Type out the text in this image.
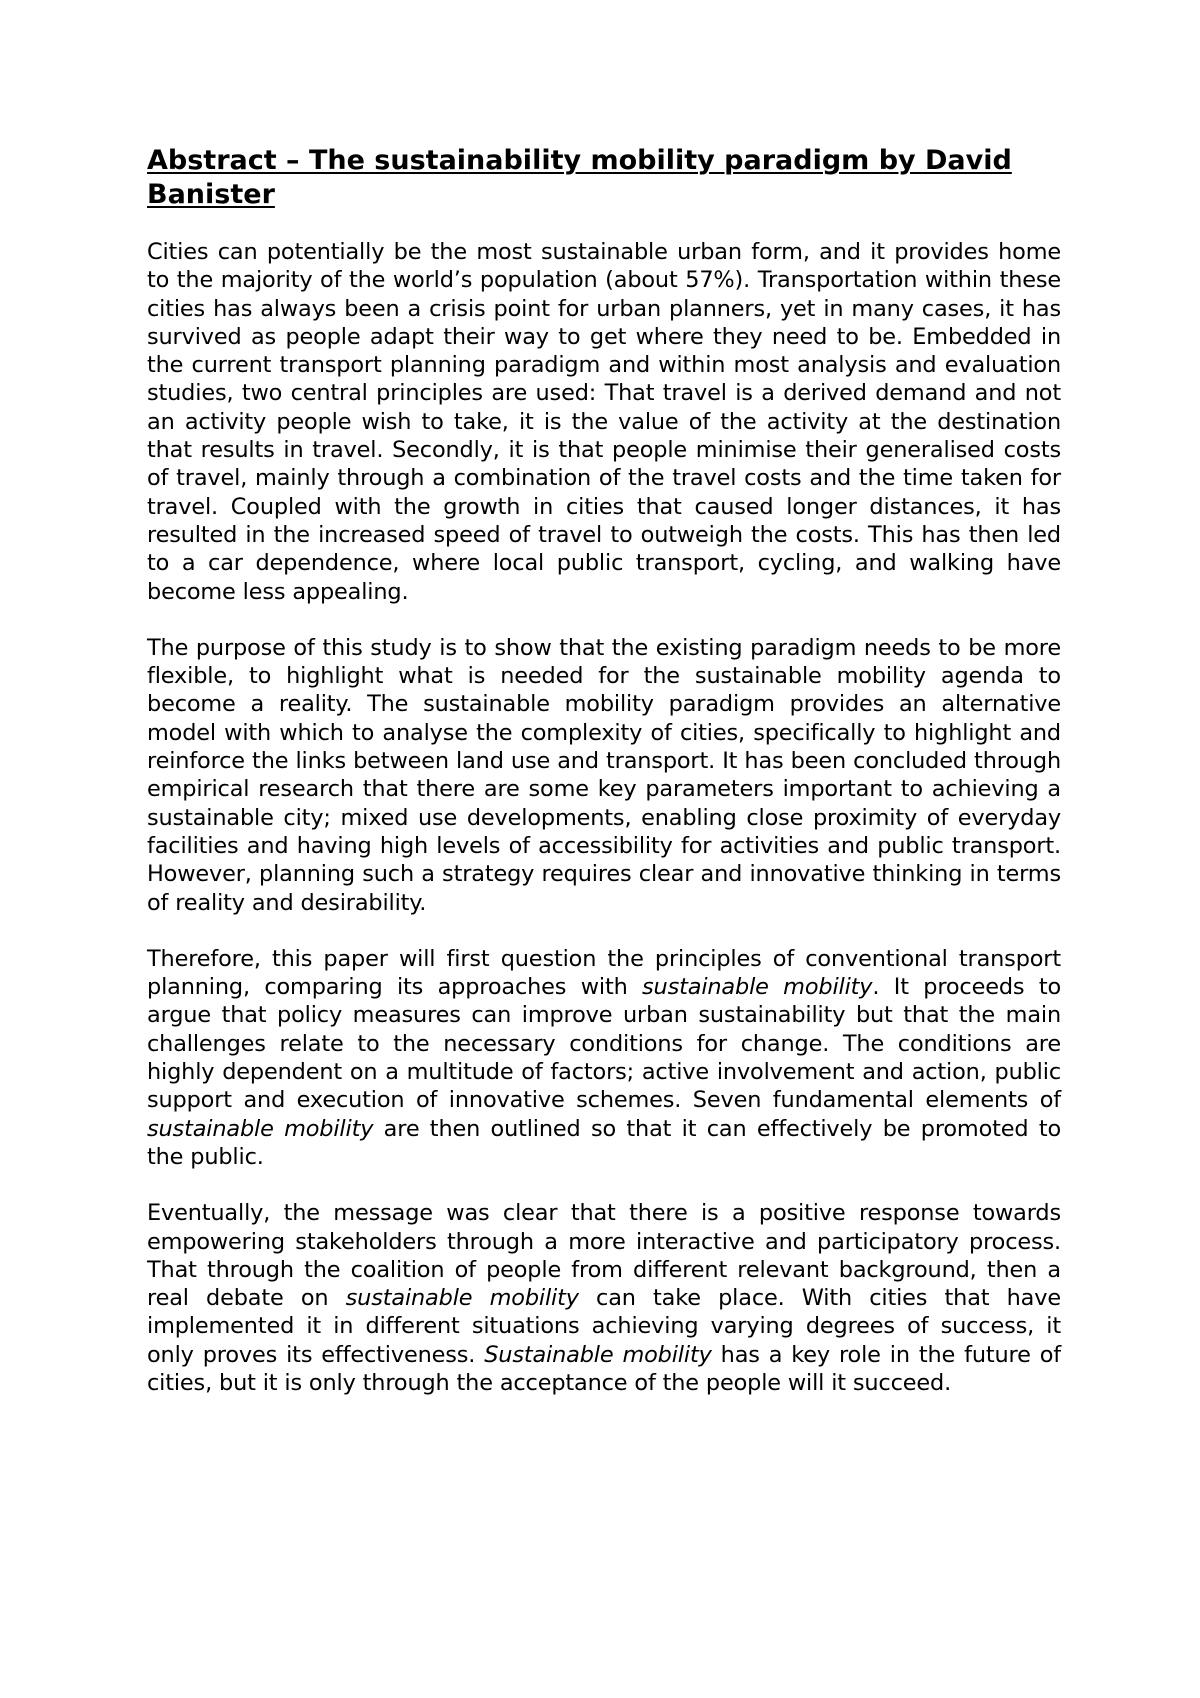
Abstract – The sustainability mobility paradigm by David Banister

Cities can potentially be the most sustainable urban form, and it provides home to the majority of the world’s population (about 57%). Transportation within these cities has always been a crisis point for urban planners, yet in many cases, it has survived as people adapt their way to get where they need to be. Embedded in the current transport planning paradigm and within most analysis and evaluation studies, two central principles are used: That travel is a derived demand and not an activity people wish to take, it is the value of the activity at the destination that results in travel. Secondly, it is that people minimise their generalised costs of travel, mainly through a combination of the travel costs and the time taken for travel. Coupled with the growth in cities that caused longer distances, it has resulted in the increased speed of travel to outweigh the costs. This has then led to a car dependence, where local public transport, cycling, and walking have become less appealing.

The purpose of this study is to show that the existing paradigm needs to be more flexible, to highlight what is needed for the sustainable mobility agenda to become a reality. The sustainable mobility paradigm provides an alternative model with which to analyse the complexity of cities, specifically to highlight and reinforce the links between land use and transport. It has been concluded through empirical research that there are some key parameters important to achieving a sustainable city; mixed use developments, enabling close proximity of everyday facilities and having high levels of accessibility for activities and public transport. However, planning such a strategy requires clear and innovative thinking in terms of reality and desirability.

Therefore, this paper will first question the principles of conventional transport planning, comparing its approaches with sustainable mobility. It proceeds to argue that policy measures can improve urban sustainability but that the main challenges relate to the necessary conditions for change. The conditions are highly dependent on a multitude of factors; active involvement and action, public support and execution of innovative schemes. Seven fundamental elements of sustainable mobility are then outlined so that it can effectively be promoted to the public.

Eventually, the message was clear that there is a positive response towards empowering stakeholders through a more interactive and participatory process. That through the coalition of people from different relevant background, then a real debate on sustainable mobility can take place. With cities that have implemented it in different situations achieving varying degrees of success, it only proves its effectiveness. Sustainable mobility has a key role in the future of cities, but it is only through the acceptance of the people will it succeed.
